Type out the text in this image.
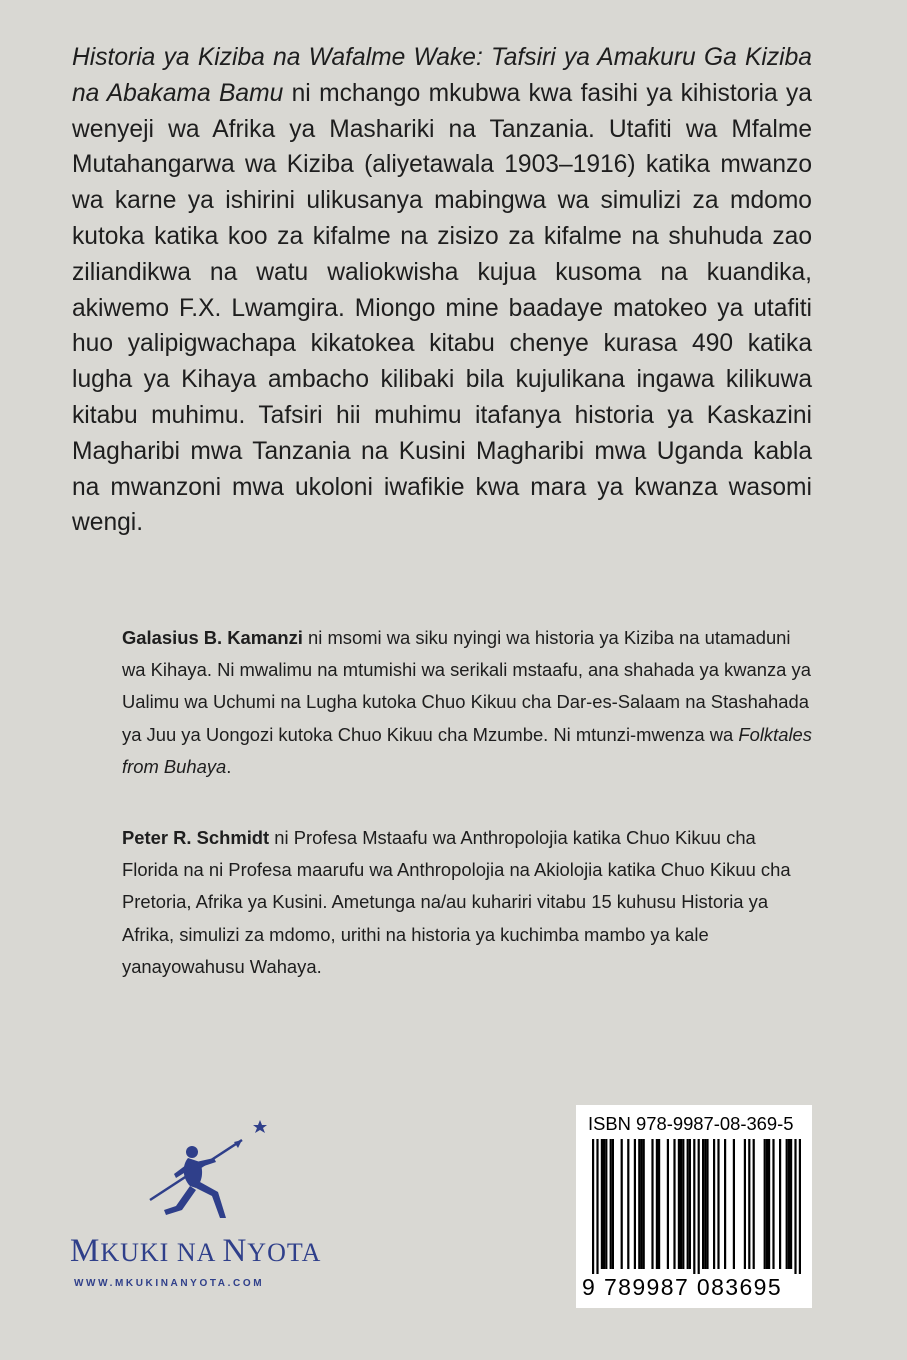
Historia ya Kiziba na Wafalme Wake: Tafsiri ya Amakuru Ga Kiziba na Abakama Bamu ni mchango mkubwa kwa fasihi ya kihistoria ya wenyeji wa Afrika ya Mashariki na Tanzania. Utafiti wa Mfalme Mutahangarwa wa Kiziba (aliyetawala 1903–1916) katika mwanzo wa karne ya ishirini ulikusanya mabingwa wa simulizi za mdomo kutoka katika koo za kifalme na zisizo za kifalme na shuhuda zao ziliandikwa na watu waliokwisha kujua kusoma na kuandika, akiwemo F.X. Lwamgira. Miongo mine baadaye matokeo ya utafiti huo yalipigwachapa kikatokea kitabu chenye kurasa 490 katika lugha ya Kihaya ambacho kilibaki bila kujulikana ingawa kilikuwa kitabu muhimu. Tafsiri hii muhimu itafanya historia ya Kaskazini Magharibi mwa Tanzania na Kusini Magharibi mwa Uganda kabla na mwanzoni mwa ukoloni iwafikie kwa mara ya kwanza wasomi wengi.

Galasius B. Kamanzi ni msomi wa siku nyingi wa historia ya Kiziba na utamaduni wa Kihaya. Ni mwalimu na mtumishi wa serikali mstaafu, ana shahada ya kwanza ya Ualimu wa Uchumi na Lugha kutoka Chuo Kikuu cha Dar-es-Salaam na Stashahada ya Juu ya Uongozi kutoka Chuo Kikuu cha Mzumbe. Ni mtunzi-mwenza wa Folktales from Buhaya.

Peter R. Schmidt ni Profesa Mstaafu wa Anthropolojia katika Chuo Kikuu cha Florida na ni Profesa maarufu wa Anthropolojia na Akiolojia katika Chuo Kikuu cha Pretoria, Afrika ya Kusini. Ametunga na/au kuhariri vitabu 15 kuhusu Historia ya Afrika, simulizi za mdomo, urithi na historia ya kuchimba mambo ya kale yanayowahusu Wahaya.

MKUKI NA NYOTA
WWW.MKUKINANYOTA.COM
ISBN 978-9987-08-369-5
9 789987 083695
